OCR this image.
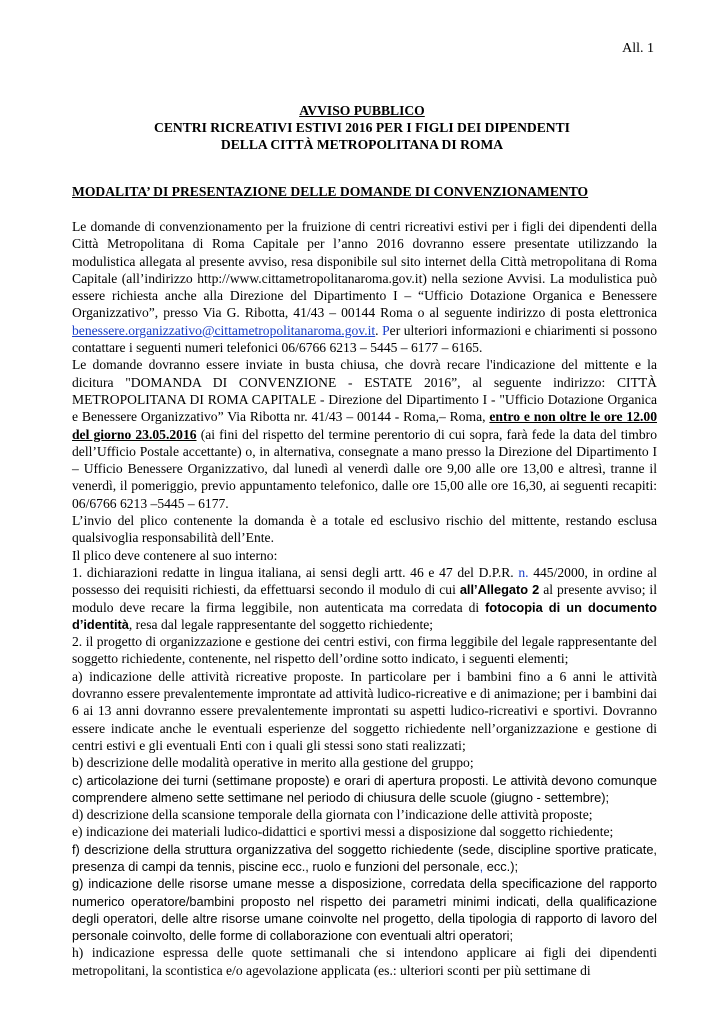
All. 1
AVVISO PUBBLICO
CENTRI RICREATIVI ESTIVI 2016 PER I FIGLI DEI DIPENDENTI
DELLA CITTÀ METROPOLITANA DI ROMA
MODALITA’ DI PRESENTAZIONE DELLE DOMANDE DI CONVENZIONAMENTO

Le domande di convenzionamento per la fruizione di centri ricreativi estivi per i figli dei dipendenti della Città Metropolitana di Roma Capitale per l’anno 2016 dovranno essere presentate utilizzando la modulistica allegata al presente avviso, resa disponibile sul sito internet della Città metropolitana di Roma Capitale (all’indirizzo http://www.cittametropolitanaroma.gov.it) nella sezione Avvisi. La modulistica può essere richiesta anche alla Direzione del Dipartimento I – “Ufficio Dotazione Organica e Benessere Organizzativo”, presso Via G. Ribotta, 41/43 – 00144 Roma o al seguente indirizzo di posta elettronica benessere.organizzativo@cittametropolitanaroma.gov.it. Per ulteriori informazioni e chiarimenti si possono contattare i seguenti numeri telefonici 06/6766 6213 – 5445 – 6177 – 6165.

Le domande dovranno essere inviate in busta chiusa, che dovrà recare l'indicazione del mittente e la dicitura "DOMANDA DI CONVENZIONE - ESTATE 2016”, al seguente indirizzo: CITTÀ METROPOLITANA DI ROMA CAPITALE - Direzione del Dipartimento I - "Ufficio Dotazione Organica e Benessere Organizzativo” Via Ribotta nr. 41/43 – 00144 - Roma,– Roma, entro e non oltre le ore 12.00 del giorno 23.05.2016 (ai fini del rispetto del termine perentorio di cui sopra, farà fede la data del timbro dell’Ufficio Postale accettante) o, in alternativa, consegnate a mano presso la Direzione del Dipartimento I – Ufficio Benessere Organizzativo, dal lunedì al venerdì dalle ore 9,00 alle ore 13,00 e altresì, tranne il venerdì, il pomeriggio, previo appuntamento telefonico, dalle ore 15,00 alle ore 16,30, ai seguenti recapiti: 06/6766 6213 –5445 – 6177.

L’invio del plico contenente la domanda è a totale ed esclusivo rischio del mittente, restando esclusa qualsivoglia responsabilità dell’Ente.

Il plico deve contenere al suo interno:

1. dichiarazioni redatte in lingua italiana, ai sensi degli artt. 46 e 47 del D.P.R. n. 445/2000, in ordine al possesso dei requisiti richiesti, da effettuarsi secondo il modulo di cui all’Allegato 2 al presente avviso; il modulo deve recare la firma leggibile, non autenticata ma corredata di fotocopia di un documento d’identità, resa dal legale rappresentante del soggetto richiedente;

2. il progetto di organizzazione e gestione dei centri estivi, con firma leggibile del legale rappresentante del soggetto richiedente, contenente, nel rispetto dell’ordine sotto indicato, i seguenti elementi;

a) indicazione delle attività ricreative proposte. In particolare per i bambini fino a 6 anni le attività dovranno essere prevalentemente improntate ad attività ludico-ricreative e di animazione; per i bambini dai 6 ai 13 anni dovranno essere prevalentemente improntati su aspetti ludico-ricreativi e sportivi. Dovranno essere indicate anche le eventuali esperienze del soggetto richiedente nell’organizzazione e gestione di centri estivi e gli eventuali Enti con i quali gli stessi sono stati realizzati;

b) descrizione delle modalità operative in merito alla gestione del gruppo;

c) articolazione dei turni (settimane proposte) e orari di apertura proposti. Le attività devono comunque comprendere almeno sette settimane nel periodo di chiusura delle scuole (giugno - settembre);

d) descrizione della scansione temporale della giornata con l’indicazione delle attività proposte;

e) indicazione dei materiali ludico-didattici e sportivi messi a disposizione dal soggetto richiedente;

f) descrizione della struttura organizzativa del soggetto richiedente (sede, discipline sportive praticate, presenza di campi da tennis, piscine ecc., ruolo e funzioni del personale, ecc.);

g) indicazione delle risorse umane messe a disposizione, corredata della specificazione del rapporto numerico operatore/bambini proposto nel rispetto dei parametri minimi indicati, della qualificazione degli operatori, delle altre risorse umane coinvolte nel progetto, della tipologia di rapporto di lavoro del personale coinvolto, delle forme di collaborazione con eventuali altri operatori;

h) indicazione espressa delle quote settimanali che si intendono applicare ai figli dei dipendenti metropolitani, la scontistica e/o agevolazione applicata (es.: ulteriori sconti per più settimane di
